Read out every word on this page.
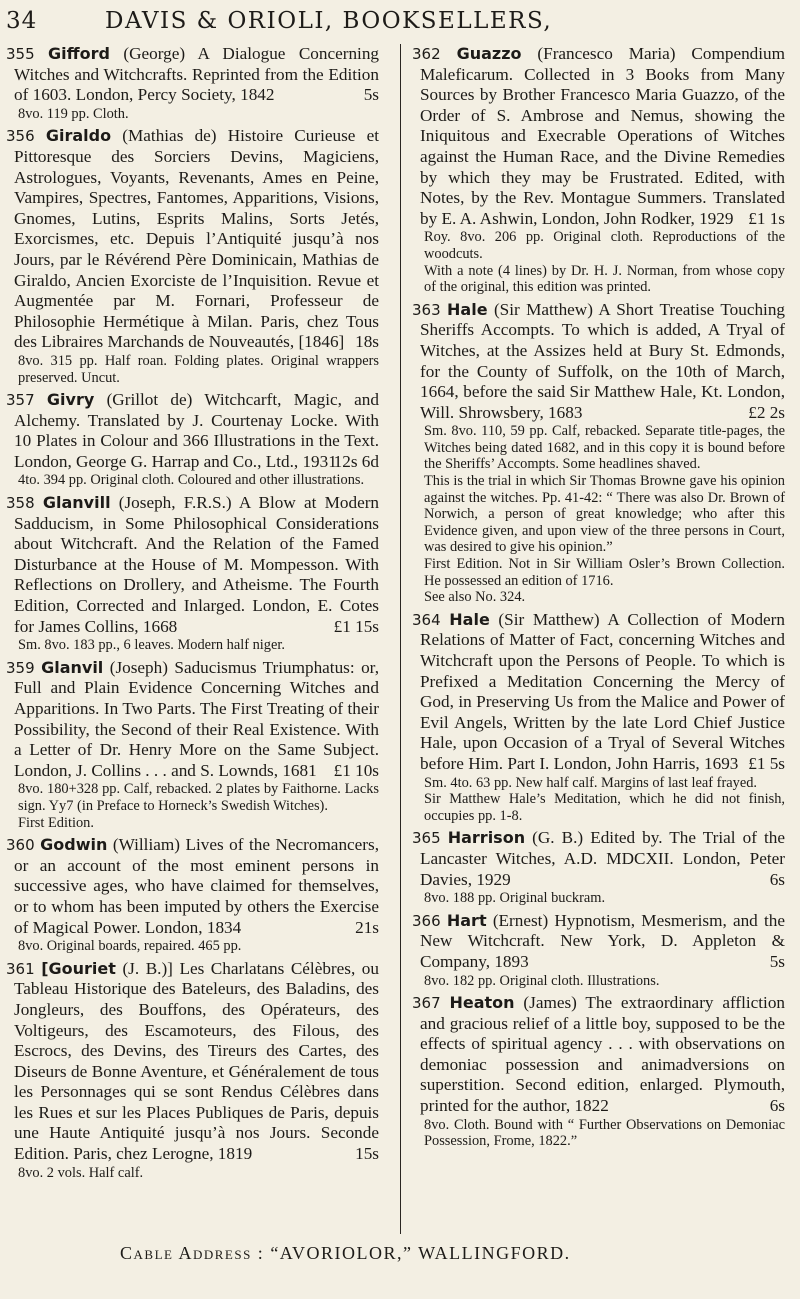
34	DAVIS & ORIOLI, BOOKSELLERS,

355 Gifford (George) A Dialogue Concerning Witches and Witchcrafts. Reprinted from the Edition of 1603. London, Percy Society, 1842	5s

8vo. 119 pp. Cloth.

356 Giraldo (Mathias de) Histoire Curieuse et Pittoresque des Sorciers Devins, Magiciens, Astrologues, Voyants, Revenants, Ames en Peine, Vampires, Spectres, Fantomes, Apparitions, Visions, Gnomes, Lutins, Esprits Malins, Sorts Jetés, Exorcismes, etc. Depuis l’Antiquité jusqu’à nos Jours, par le Révérend Père Dominicain, Mathias de Giraldo, Ancien Exorciste de l’Inquisition. Revue et Augmentée par M. Fornari, Professeur de Philosophie Hermétique à Milan. Paris, chez Tous des Libraires Marchands de Nouveautés, [1846] 18s

8vo. 315 pp. Half roan. Folding plates. Original wrappers preserved. Uncut.

357 Givry (Grillot de) Witchcarft, Magic, and Alchemy. Translated by J. Courtenay Locke. With 10 Plates in Colour and 366 Illustrations in the Text. London, George G. Harrap and Co., Ltd., 1931
12s 6d

4to. 394 pp. Original cloth. Coloured and other illustrations.

358 Glanvill (Joseph, F.R.S.) A Blow at Modern Sadducism, in Some Philosophical Considerations about Witchcraft. And the Relation of the Famed Disturbance at the House of M. Mompesson. With Reflections on Drollery, and Atheisme. The Fourth Edition, Corrected and Inlarged. London, E. Cotes for James Collins, 1668	£1 15s

Sm. 8vo. 183 pp., 6 leaves. Modern half niger.

359 Glanvil (Joseph) Saducismus Triumphatus: or, Full and Plain Evidence Concerning Witches and Apparitions. In Two Parts. The First Treating of their Possibility, the Second of their Real Existence. With a Letter of Dr. Henry More on the Same Subject. London, J. Collins . . . and S. Lownds, 1681 £1 10s

8vo. 180+328 pp. Calf, rebacked. 2 plates by Faithorne. Lacks sign. Yy7 (in Preface to Horneck’s Swedish Witches).

First Edition.

360 Godwin (William) Lives of the Necromancers, or an account of the most eminent persons in successive ages, who have claimed for themselves, or to whom has been imputed by others the Exercise of Magical Power. London, 1834	21s

8vo. Original boards, repaired. 465 pp.

361 [Gouriet (J. B.)] Les Charlatans Célèbres, ou Tableau Historique des Bateleurs, des Baladins, des Jongleurs, des Bouffons, des Opérateurs, des Voltigeurs, des Escamoteurs, des Filous, des Escrocs, des Devins, des Tireurs des Cartes, des Diseurs de Bonne Aventure, et Généralement de tous les Personnages qui se sont Rendus Célèbres dans les Rues et sur les Places Publiques de Paris, depuis une Haute Antiquité jusqu’à nos Jours. Seconde Edition. Paris, chez Lerogne, 1819	15s

8vo. 2 vols. Half calf.

362 Guazzo (Francesco Maria) Compendium Maleficarum. Collected in 3 Books from Many Sources by Brother Francesco Maria Guazzo, of the Order of S. Ambrose and Nemus, showing the Iniquitous and Execrable Operations of Witches against the Human Race, and the Divine Remedies by which they may be Frustrated. Edited, with Notes, by the Rev. Montague Summers. Translated by E. A. Ashwin, London, John Rodker, 1929 £1 1s

Roy. 8vo. 206 pp. Original cloth. Reproductions of the woodcuts.

With a note (4 lines) by Dr. H. J. Norman, from whose copy of the original, this edition was printed.

363 Hale (Sir Matthew) A Short Treatise Touching Sheriffs Accompts. To which is added, A Tryal of Witches, at the Assizes held at Bury St. Edmonds, for the County of Suffolk, on the 10th of March, 1664, before the said Sir Matthew Hale, Kt. London, Will. Shrowsbery, 1683	£2 2s

Sm. 8vo. 110, 59 pp. Calf, rebacked. Separate title-pages, the Witches being dated 1682, and in this copy it is bound before the Sheriffs’ Accompts. Some headlines shaved.

This is the trial in which Sir Thomas Browne gave his opinion against the witches. Pp. 41-42: “ There was also Dr. Brown of Norwich, a person of great knowledge; who after this Evidence given, and upon view of the three persons in Court, was desired to give his opinion.”

First Edition. Not in Sir William Osler’s Brown Collection. He possessed an edition of 1716.

See also No. 324.

364 Hale (Sir Matthew) A Collection of Modern Relations of Matter of Fact, concerning Witches and Witchcraft upon the Persons of People. To which is Prefixed a Meditation Concerning the Mercy of God, in Preserving Us from the Malice and Power of Evil Angels, Written by the late Lord Chief Justice Hale, upon Occasion of a Tryal of Several Witches before Him. Part I. London, John Harris, 1693 £1 5s

Sm. 4to. 63 pp. New half calf. Margins of last leaf frayed.

Sir Matthew Hale’s Meditation, which he did not finish, occupies pp. 1-8.

365 Harrison (G. B.) Edited by. The Trial of the Lancaster Witches, A.D. MDCXII. London, Peter Davies, 1929	6s

8vo. 188 pp. Original buckram.

366 Hart (Ernest) Hypnotism, Mesmerism, and the New Witchcraft. New York, D. Appleton & Company, 1893	5s

8vo. 182 pp. Original cloth. Illustrations.

367 Heaton (James) The extraordinary affliction and gracious relief of a little boy, supposed to be the effects of spiritual agency . . . with observations on demoniac possession and animadversions on superstition. Second edition, enlarged. Plymouth, printed for the author, 1822	6s

8vo. Cloth. Bound with “ Further Observations on Demoniac Possession, Frome, 1822.”

Cable Address : “AVORIOLOR,” WALLINGFORD.
